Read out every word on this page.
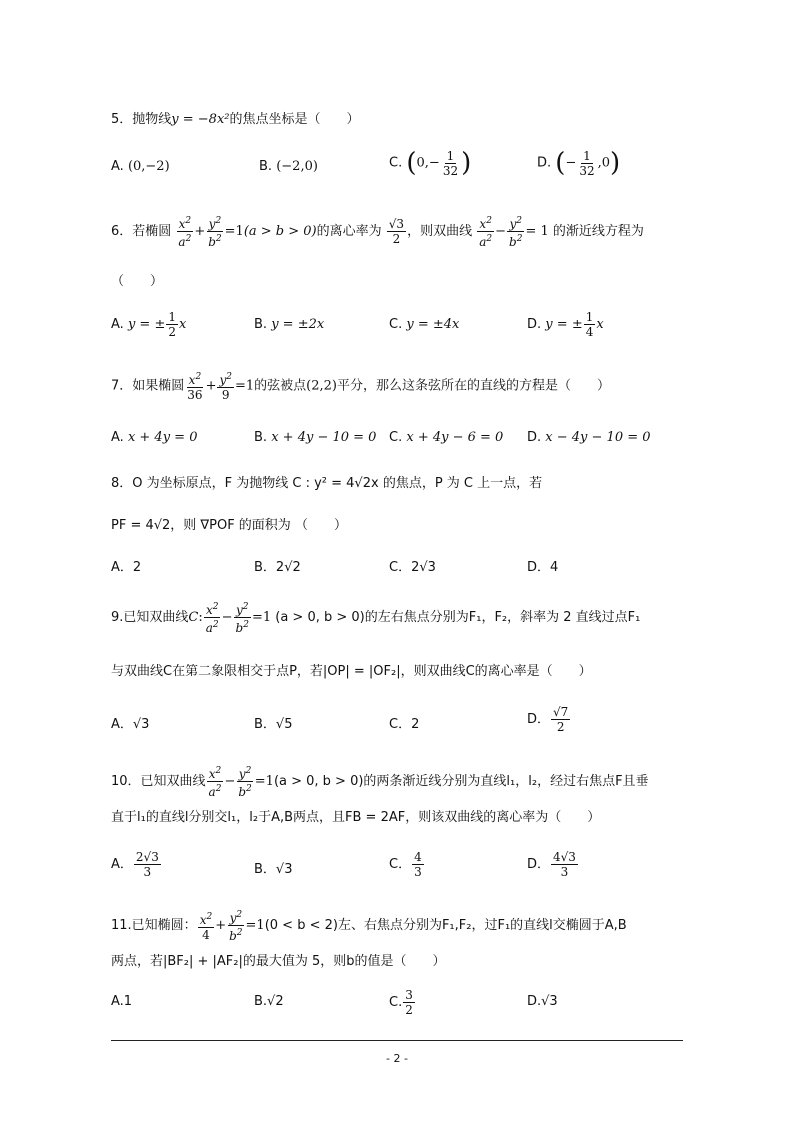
5．抛物线y = −8x²的焦点坐标是（　　）
A. (0,−2)	B. (−2,0)	C. ($0,- \frac{1}{32}$ )	D. (− $\frac{1}{32} ,0$)
6．若椭圆 $\frac{x^2}{a^2} + \frac{y^2}{b^2} =1(a > b > 0)$的离心率为 $\frac{√3}{2}$ ，则双曲线 $\frac{x^2}{a^2} - \frac{y^2}{b^2} = 1$ 的渐近线方程为
（　　）
A. y = ± $\frac{1}{2}$ x	B. y = ±2x	C. y = ±4x	D. y = ± $\frac{1}{4}$ x
7．如果椭圆 $\frac{x^2}{36} + \frac{y^2}{9} =1$的弦被点(2,2)平分，那么这条弦所在的直线的方程是（　　）
A. x + 4y = 0	B. x + 4y − 10 = 0 C. x + 4y − 6 = 0 D. x − 4y − 10 = 0
8．O 为坐标原点，F 为抛物线 C : y² = 4√2x 的焦点，P 为 C 上一点，若
PF = 4√2，则 ∇POF 的面积为 （　　）
A．2	B．2√2	C．2√3	D．4
9.已知双曲线C: $\frac{x^2}{a^2} - \frac{y^2}{b^2} =1$ (a > 0, b > 0)的左右焦点分别为F₁，F₂，斜率为 2 直线过点F₁
与双曲线C在第二象限相交于点P，若|OP| = |OF₂|，则双曲线C的离心率是（　　）
A．√3	B．√5	C．2	D． $\frac{√7}{2}$
10．已知双曲线 $\frac{x^2}{a^2} - \frac{y^2}{b^2} =1(a > 0$, b > 0)的两条渐近线分别为直线l₁，l₂，经过右焦点F且垂
直于l₁的直线l分别交l₁，l₂于A,B两点，且FB = 2AF，则该双曲线的离心率为（　　）
A． $\frac{2√3}{3}$	B．√3	C． $\frac{4}{3}$	D． $\frac{4√3}{3}$
11.已知椭圆： $\frac{x^2}{4} + \frac{y^2}{b^2} =1(0 < b < 2)$左、右焦点分别为F₁,F₂，过F₁的直线l交椭圆于A,B
两点，若|BF₂| + |AF₂|的最大值为 5，则b的值是（　　）
A.1	B.√2	C. $\frac{3}{2}$	D.√3
- 2 -
